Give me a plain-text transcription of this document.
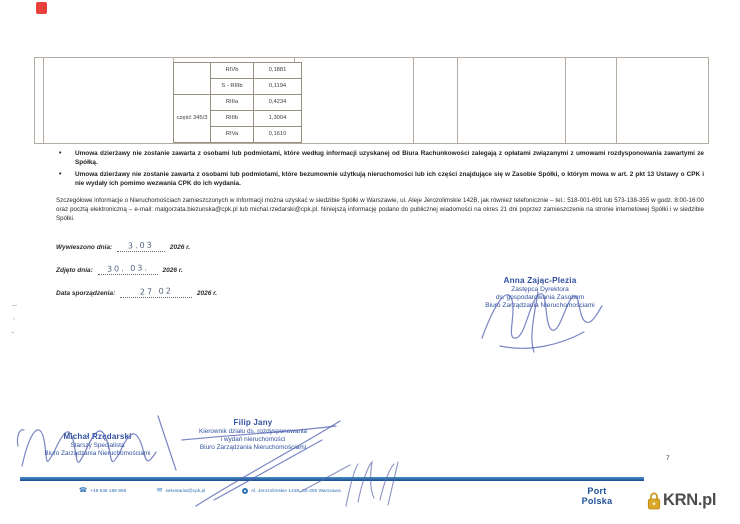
	RIVb	0,1881
	S - RIIIb	0,1194
część 345/3	RIIIa	0,4234
	RIIIb	1,3004
	RIVa	0,1610
•	Umowa dzierżawy nie zostanie zawarta z osobami lub podmiotami, które według informacji uzyskanej od Biura Rachunkowości zalegają z opłatami związanymi z umowami rozdysponowania zawartymi ze Spółką.
•	Umowa dzierżawy nie zostanie zawarta z osobami lub podmiotami, które bezumownie użytkują nieruchomości lub ich części znajdujące się w Zasobie Spółki, o którym mowa w art. 2 pkt 13 Ustawy o CPK i nie wydały ich pomimo wezwania CPK do ich wydania.
Szczegółowe informacje o Nieruchomościach zamieszczonych w Informacji można uzyskać w siedzibie Spółki w Warszawie, ul. Aleje Jerozolimskie 142B, jak również telefonicznie – tel.: 518-001-691 lub 573-138-355 w godz. 8:00-16:00 oraz pocztą elektroniczną – e-mail: malgorzata.biezunska@cpk.pl lub michal.rzedarski@cpk.pl. Niniejszą informację podano do publicznej wiadomości na okres 21 dni poprzez zamieszczenie na stronie internetowej Spółki i w siedzibie Spółki.
Wywieszono dnia: 3.03 2026 r.
Zdjęto dnia: 30. 03. 2026 r.
Data sporządzenia:	27 02	2026 r.
Anna Zając-Plezia
Zastępca Dyrektora
ds. gospodarowania Zasobem
Biuro Zarządzania Nieruchomościami
Michał Rzędarski
Starszy Specjalista
Biuro Zarządzania Nieruchomościami
Filip Jany
Kierownik działu ds. rozdysponowania
i wydań nieruchomości
Biuro Zarządzania Nieruchomościami
7
☎ +48 538 188 995	✉ sekretariat@cpk.pl	Al. Jerozolimskie 142B, 02-305 Warszawa	Port
Polska	KRN.pl
